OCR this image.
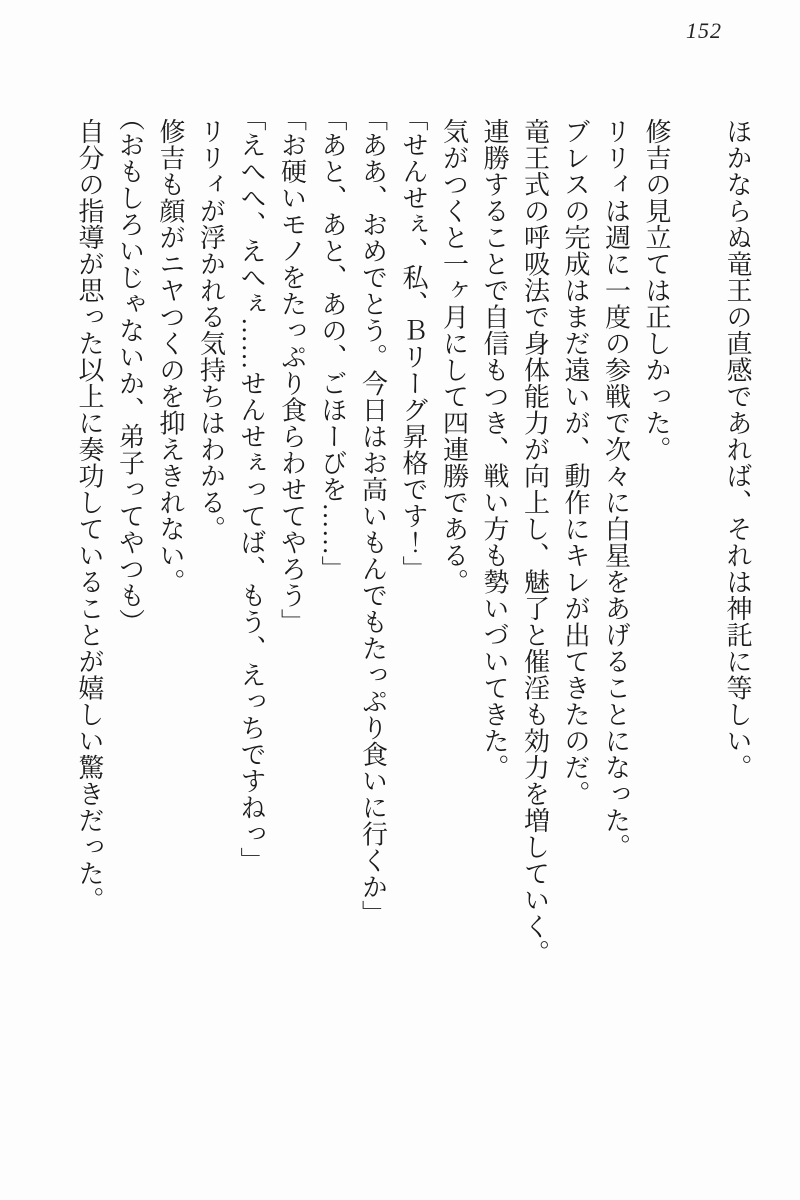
152

ほかならぬ竜王の直感であれば、それは神託に等しい。

修吉の見立ては正しかった。

リリィは週に一度の参戦で次々に白星をあげることになった。

ブレスの完成はまだ遠いが、動作にキレが出てきたのだ。

竜王式の呼吸法で身体能力が向上し、魅了と催淫も効力を増していく。

連勝することで自信もつき、戦い方も勢いづいてきた。

気がつくと一ヶ月にして四連勝である。

「せんせぇ、私、Ｂリーグ昇格です！」

「ああ、おめでとう。今日はお高いもんでもたっぷり食いに行くか」

「あと、あと、あの、ごほーびを……」

「お硬いモノをたっぷり食らわせてやろう」

「えへへ、えへぇ……せんせぇってば、もう、えっちですねっ」

リリィが浮かれる気持ちはわかる。

修吉も顔がニヤつくのを抑えきれない。

（おもしろいじゃないか、弟子ってやつも）

自分の指導が思った以上に奏功していることが嬉しい驚きだった。
